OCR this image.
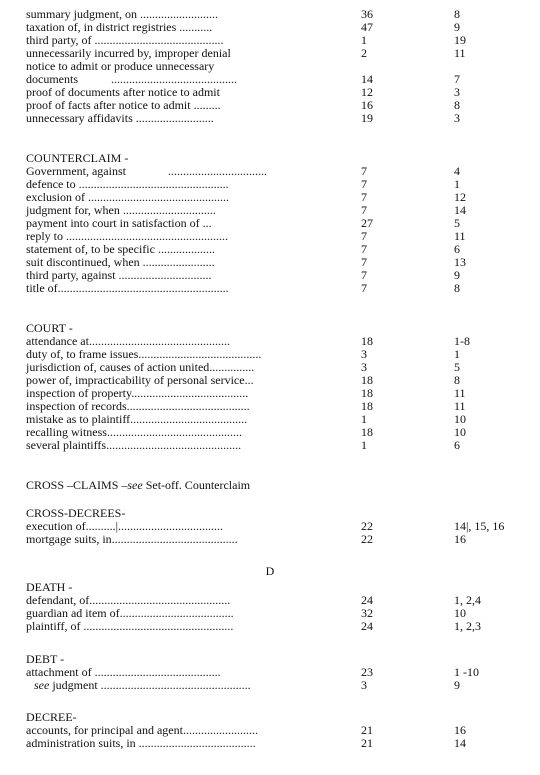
summary judgment, on ..........................	36	8
taxation of, in district registries ...........	47	9
third party, of ...........................................	1	19
unnecessarily incurred by, improper denial	2	11
notice to admit or produce unnecessary
documents           ..........................................	14	7
proof of documents after notice to admit	12	3
proof of facts after notice to admit .........	16	8
unnecessary affidavits ..........................	19	3
COUNTERCLAIM -
Government, against              .................................	7	4
defence to ..................................................	7	1
exclusion of ...............................................	7	12
judgment for, when ...............................	7	14
payment into court in satisfaction of ...	27	5
reply to ......................................................	7	11
statement of, to be specific ...................	7	6
suit discontinued, when ........................	7	13
third party, against ...............................	7	9
title of.........................................................	7	8
COURT -
attendance at...............................................	18	1-8
duty of, to frame issues.........................................	3	1
jurisdiction of, causes of action united...............	3	5
power of, impracticability of personal service...	18	8
inspection of property.......................................	18	11
inspection of records.........................................	18	11
mistake as to plaintiff.......................................	1	10
recalling witness.............................................	18	10
several plaintiffs.............................................	1	6
CROSS –CLAIMS –see Set-off. Counterclaim
CROSS-DECREES-
execution of..........|...................................	22	14|, 15, 16
mortgage suits, in..........................................	22	16
D
DEATH -
defendant, of...............................................	24	1, 2,4
guardian ad item of......................................	32	10
plaintiff, of ..................................................	24	1, 2,3
DEBT -
attachment of ..........................................	23	1 -10
see judgment ..................................................	3	9
DECREE-
accounts, for principal and agent.........................	21	16
administration suits, in .......................................	21	14
